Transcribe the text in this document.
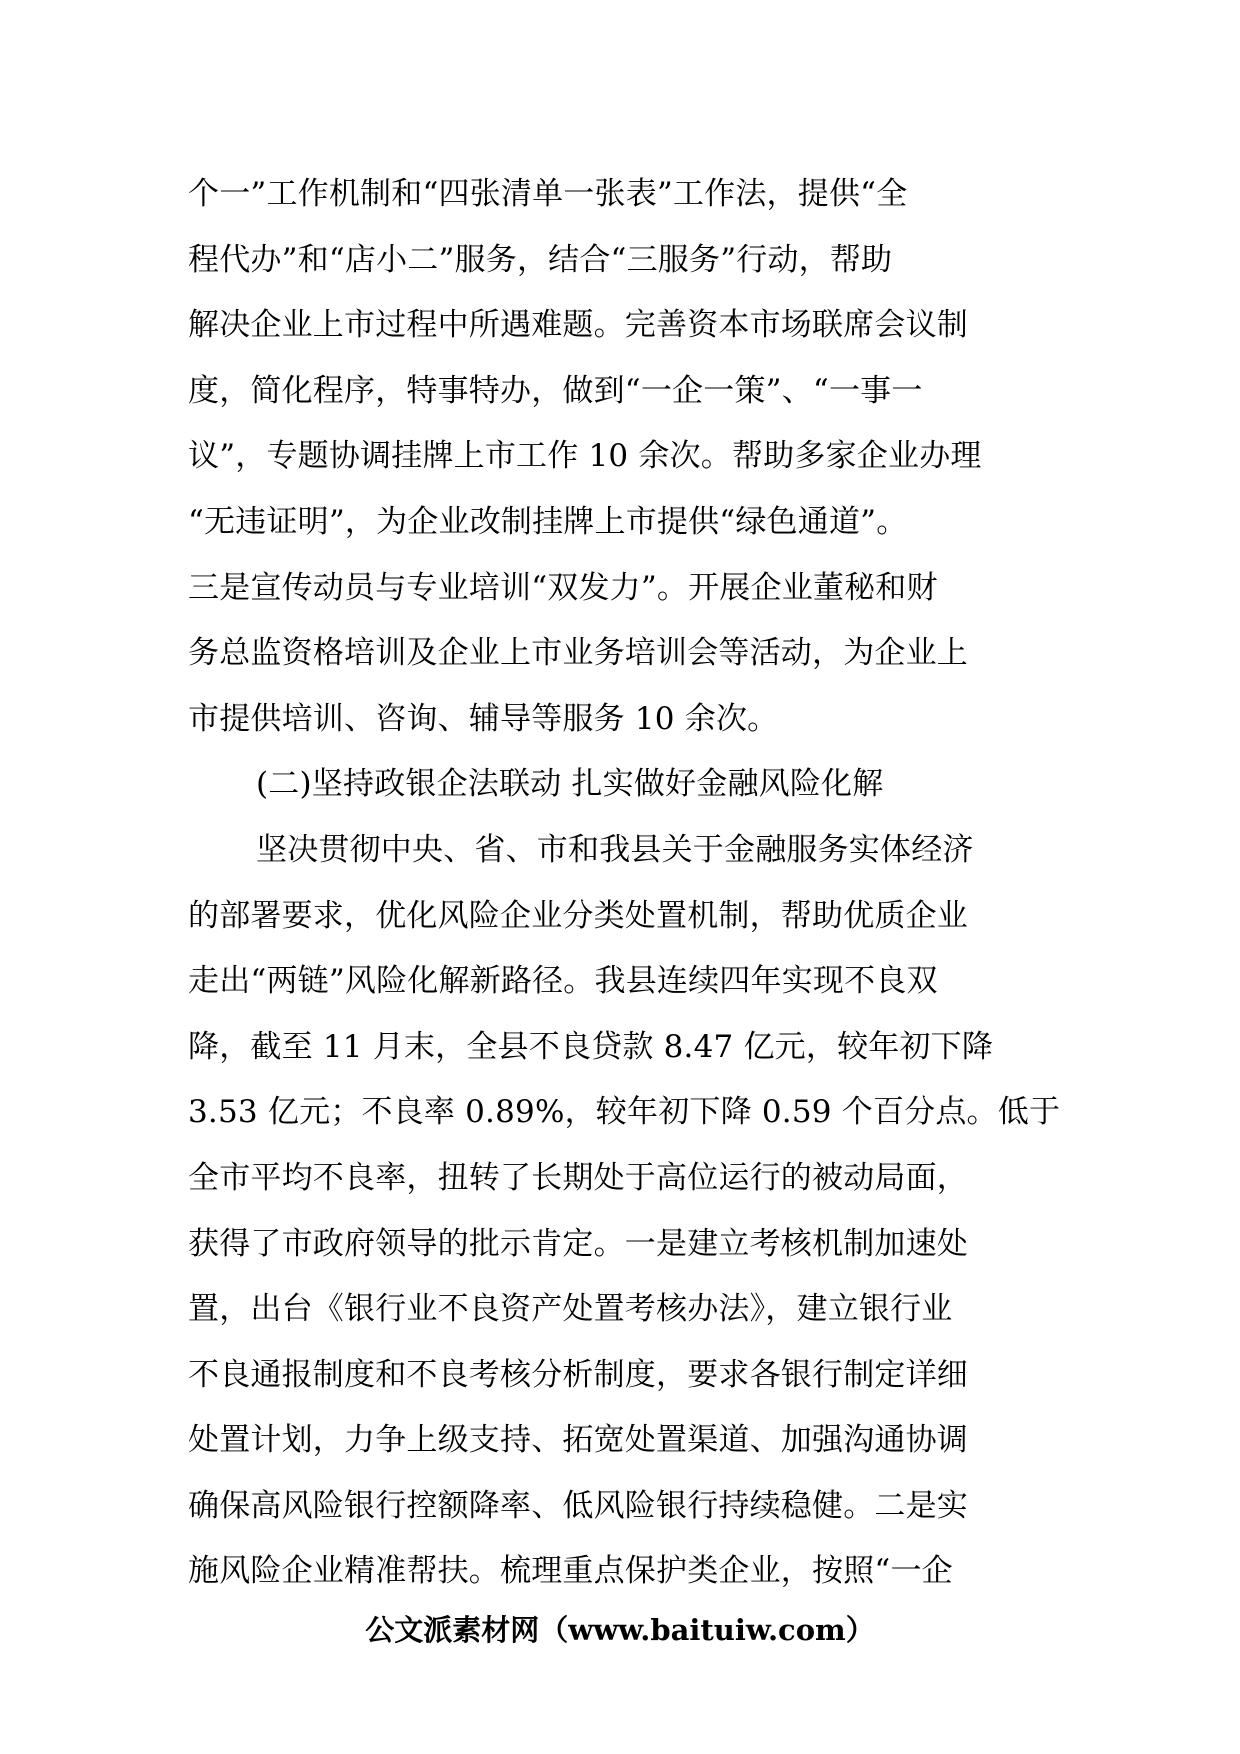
个一”工作机制和“四张清单一张表”工作法，提供“全
程代办”和“店小二”服务，结合“三服务”行动，帮助
解决企业上市过程中所遇难题。完善资本市场联席会议制
度，简化程序，特事特办，做到“一企一策”、“一事一
议”，专题协调挂牌上市工作 10 余次。帮助多家企业办理
“无违证明”，为企业改制挂牌上市提供“绿色通道”。
三是宣传动员与专业培训“双发力”。开展企业董秘和财
务总监资格培训及企业上市业务培训会等活动，为企业上
市提供培训、咨询、辅导等服务 10 余次。
(二)坚持政银企法联动 扎实做好金融风险化解
坚决贯彻中央、省、市和我县关于金融服务实体经济
的部署要求，优化风险企业分类处置机制，帮助优质企业
走出“两链”风险化解新路径。我县连续四年实现不良双
降，截至 11 月末，全县不良贷款 8.47 亿元，较年初下降
3.53 亿元；不良率 0.89%，较年初下降 0.59 个百分点。低于
全市平均不良率，扭转了长期处于高位运行的被动局面，
获得了市政府领导的批示肯定。一是建立考核机制加速处
置，出台《银行业不良资产处置考核办法》，建立银行业
不良通报制度和不良考核分析制度，要求各银行制定详细
处置计划，力争上级支持、拓宽处置渠道、加强沟通协调
确保高风险银行控额降率、低风险银行持续稳健。二是实
施风险企业精准帮扶。梳理重点保护类企业，按照“一企
公文派素材网（www.baituiw.com）
